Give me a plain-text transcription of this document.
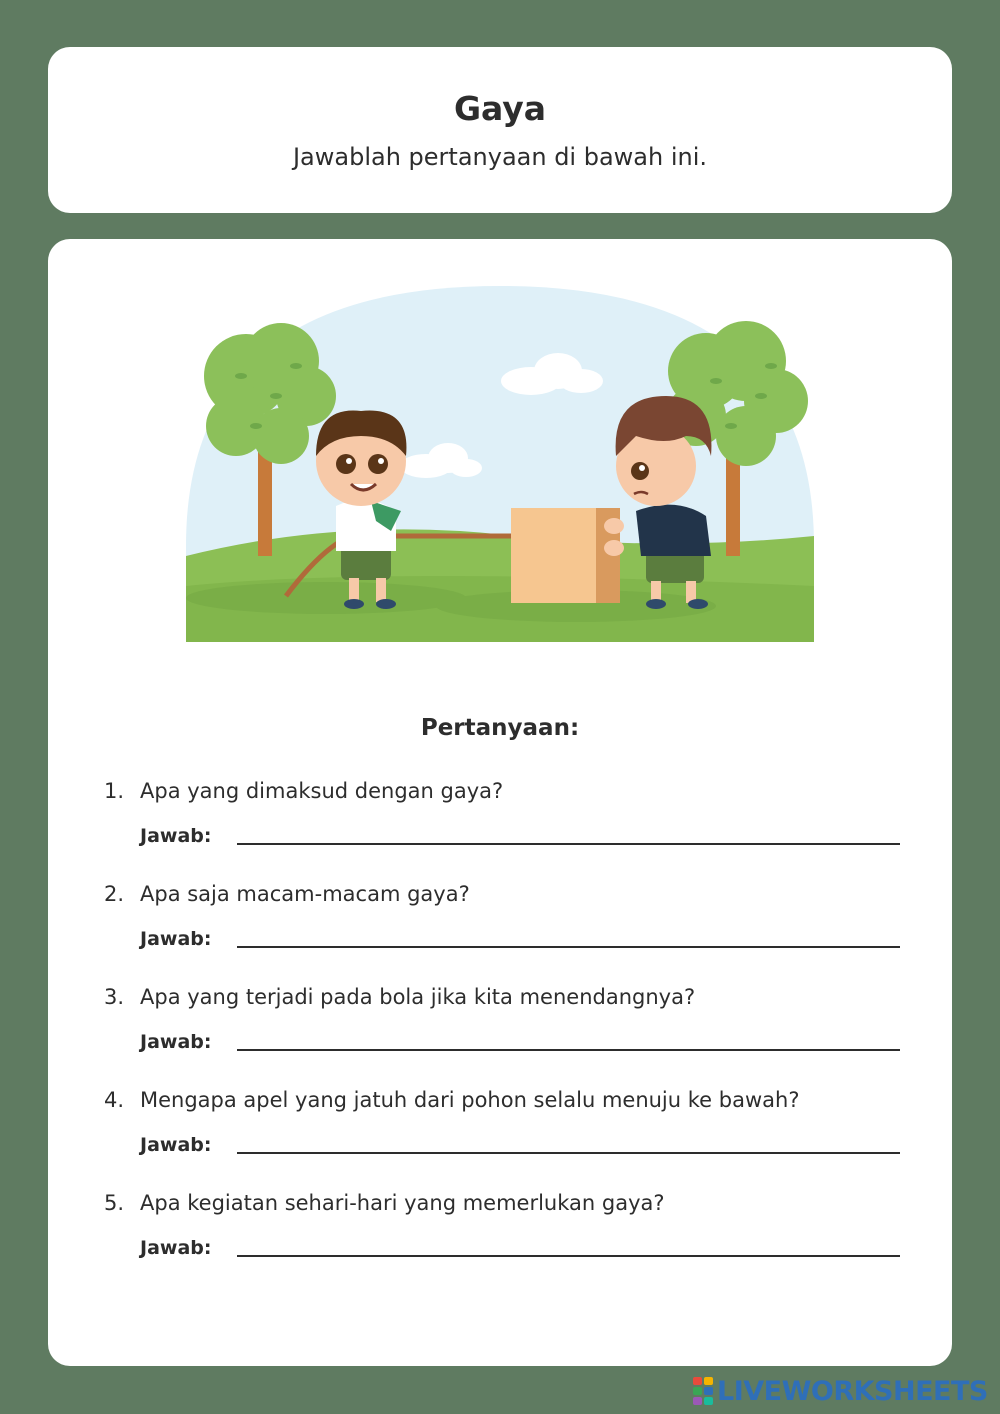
Gaya
Jawablah pertanyaan di bawah ini.
Pertanyaan:
1. Apa yang dimaksud dengan gaya?
Jawab:
2. Apa saja macam-macam gaya?
Jawab:
3. Apa yang terjadi pada bola jika kita menendangnya?
Jawab:
4. Mengapa apel yang jatuh dari pohon selalu menuju ke bawah?
Jawab:
5. Apa kegiatan sehari-hari yang memerlukan gaya?
Jawab:
LIVEWORKSHEETS
